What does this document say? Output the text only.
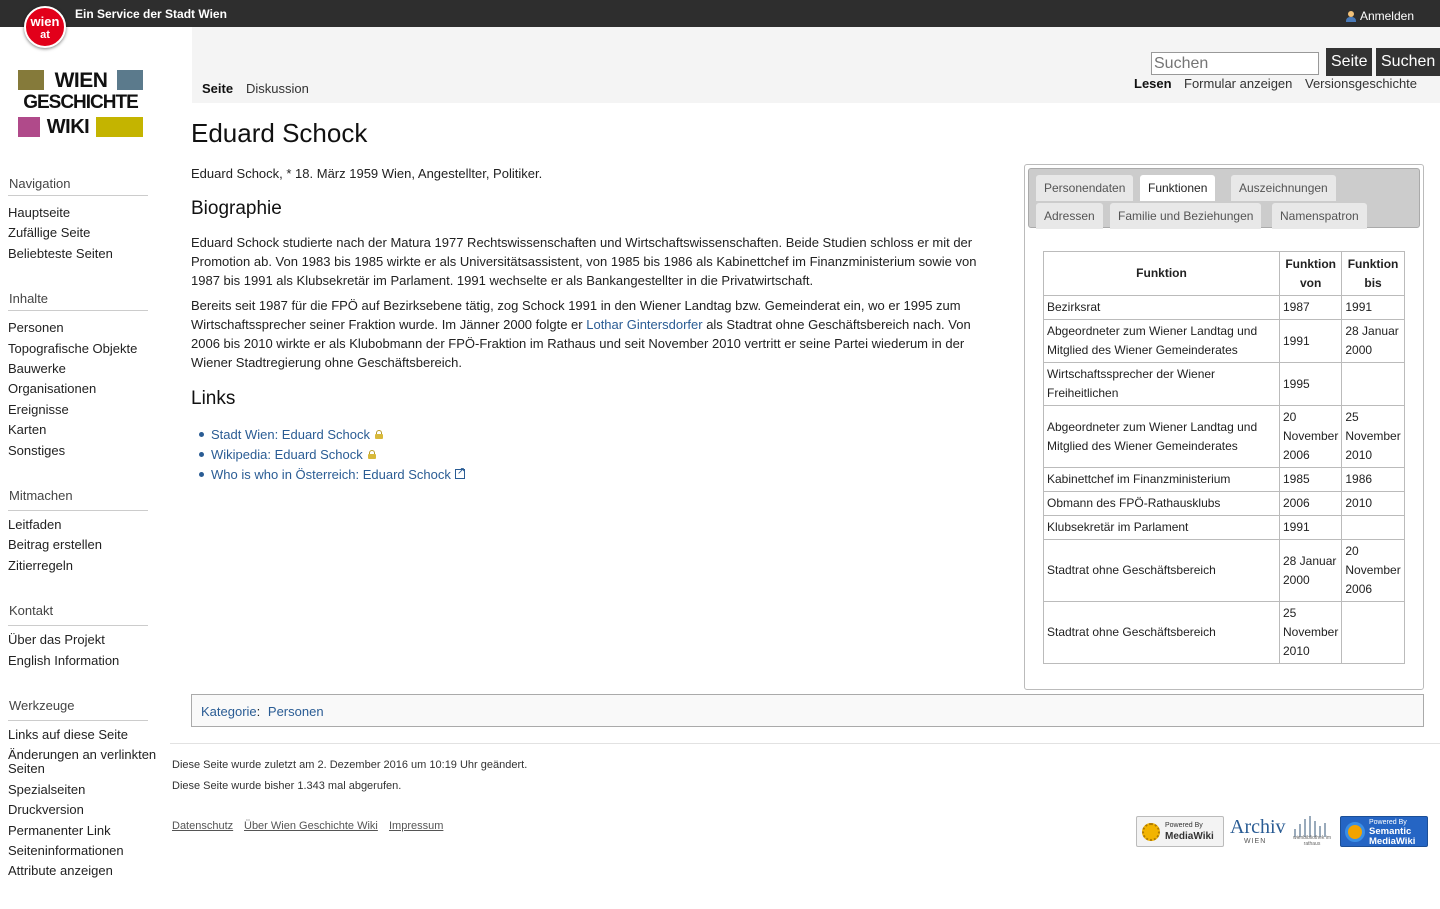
Ein Service der Stadt Wien	Anmelden
wien
at
WIEN
GESCHICHTE
WIKI
Seite Diskussion
Suchen
Seite Suchen
Lesen Formular anzeigen Versionsgeschichte
Navigation
Hauptseite
Zufällige Seite
Beliebteste Seiten
Inhalte
Personen
Topografische Objekte
Bauwerke
Organisationen
Ereignisse
Karten
Sonstiges
Mitmachen
Leitfaden
Beitrag erstellen
Zitierregeln
Kontakt
Über das Projekt
English Information
Werkzeuge
Links auf diese Seite
Änderungen an verlinkten Seiten
Spezialseiten
Druckversion
Permanenter Link
Seiteninformationen
Attribute anzeigen
Eduard Schock
Eduard Schock, * 18. März 1959 Wien, Angestellter, Politiker.
Biographie

Eduard Schock studierte nach der Matura 1977 Rechtswissenschaften und Wirtschaftswissenschaften. Beide Studien schloss er mit der Promotion ab. Von 1983 bis 1985 wirkte er als Universitätsassistent, von 1985 bis 1986 als Kabinettchef im Finanzministerium sowie von 1987 bis 1991 als Klubsekretär im Parlament. 1991 wechselte er als Bankangestellter in die Privatwirtschaft.

Bereits seit 1987 für die FPÖ auf Bezirksebene tätig, zog Schock 1991 in den Wiener Landtag bzw. Gemeinderat ein, wo er 1995 zum Wirtschaftssprecher seiner Fraktion wurde. Im Jänner 2000 folgte er Lothar Gintersdorfer als Stadtrat ohne Geschäftsbereich nach. Von 2006 bis 2010 wirkte er als Klubobmann der FPÖ-Fraktion im Rathaus und seit November 2010 vertritt er seine Partei wiederum in der Wiener Stadtregierung ohne Geschäftsbereich.

Links
Stadt Wien: Eduard Schock
Wikipedia: Eduard Schock
Who is who in Österreich: Eduard Schock
↗
Personendaten	Funktionen	Auszeichnungen
Adressen	Familie und Beziehungen	Namenspatron
Funktion	Funktion von	Funktion bis
Bezirksrat	1987	1991
Abgeordneter zum Wiener Landtag und Mitglied des Wiener Gemeinderates	1991	28 Januar 2000
Wirtschaftssprecher der Wiener Freiheitlichen	1995	
Abgeordneter zum Wiener Landtag und Mitglied des Wiener Gemeinderates	20 November 2006	25 November 2010
Kabinettchef im Finanzministerium	1985	1986
Obmann des FPÖ-Rathausklubs	2006	2010
Klubsekretär im Parlament	1991	
Stadtrat ohne Geschäftsbereich	28 Januar 2000	20 November 2006
Stadtrat ohne Geschäftsbereich	25 November 2010	
Kategorie: Personen
Diese Seite wurde zuletzt am 2. Dezember 2016 um 10:19 Uhr geändert.
Diese Seite wurde bisher 1.343 mal abgerufen.
Datenschutz Über Wien Geschichte Wiki Impressum	Powered By
MediaWiki Archiv
WIEN	wienbibliothek im rathaus
Powered By
Semantic
MediaWiki
